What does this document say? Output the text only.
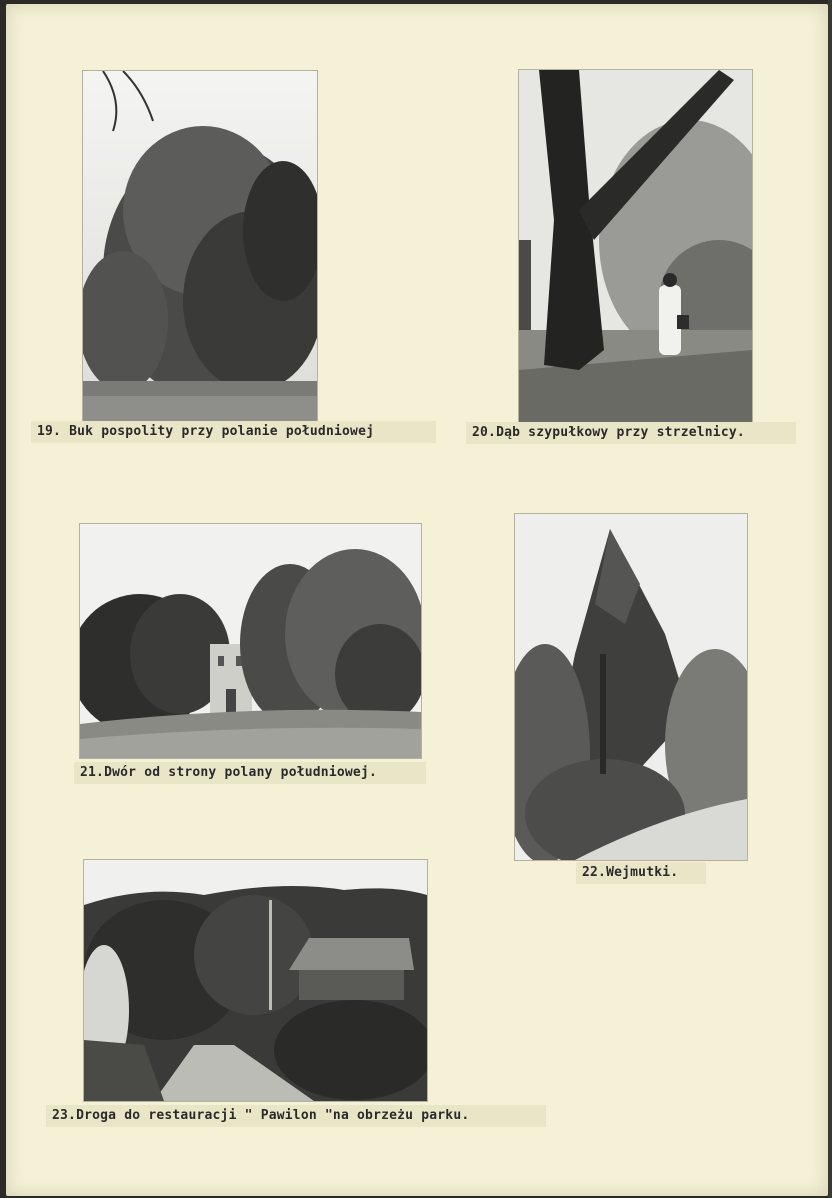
19. Buk pospolity przy polanie południowej	20.Dąb szypułkowy przy strzelnicy.
21.Dwór od strony polany południowej.
22.Wejmutki.
23.Droga do restauracji " Pawilon "na obrzeżu parku.
